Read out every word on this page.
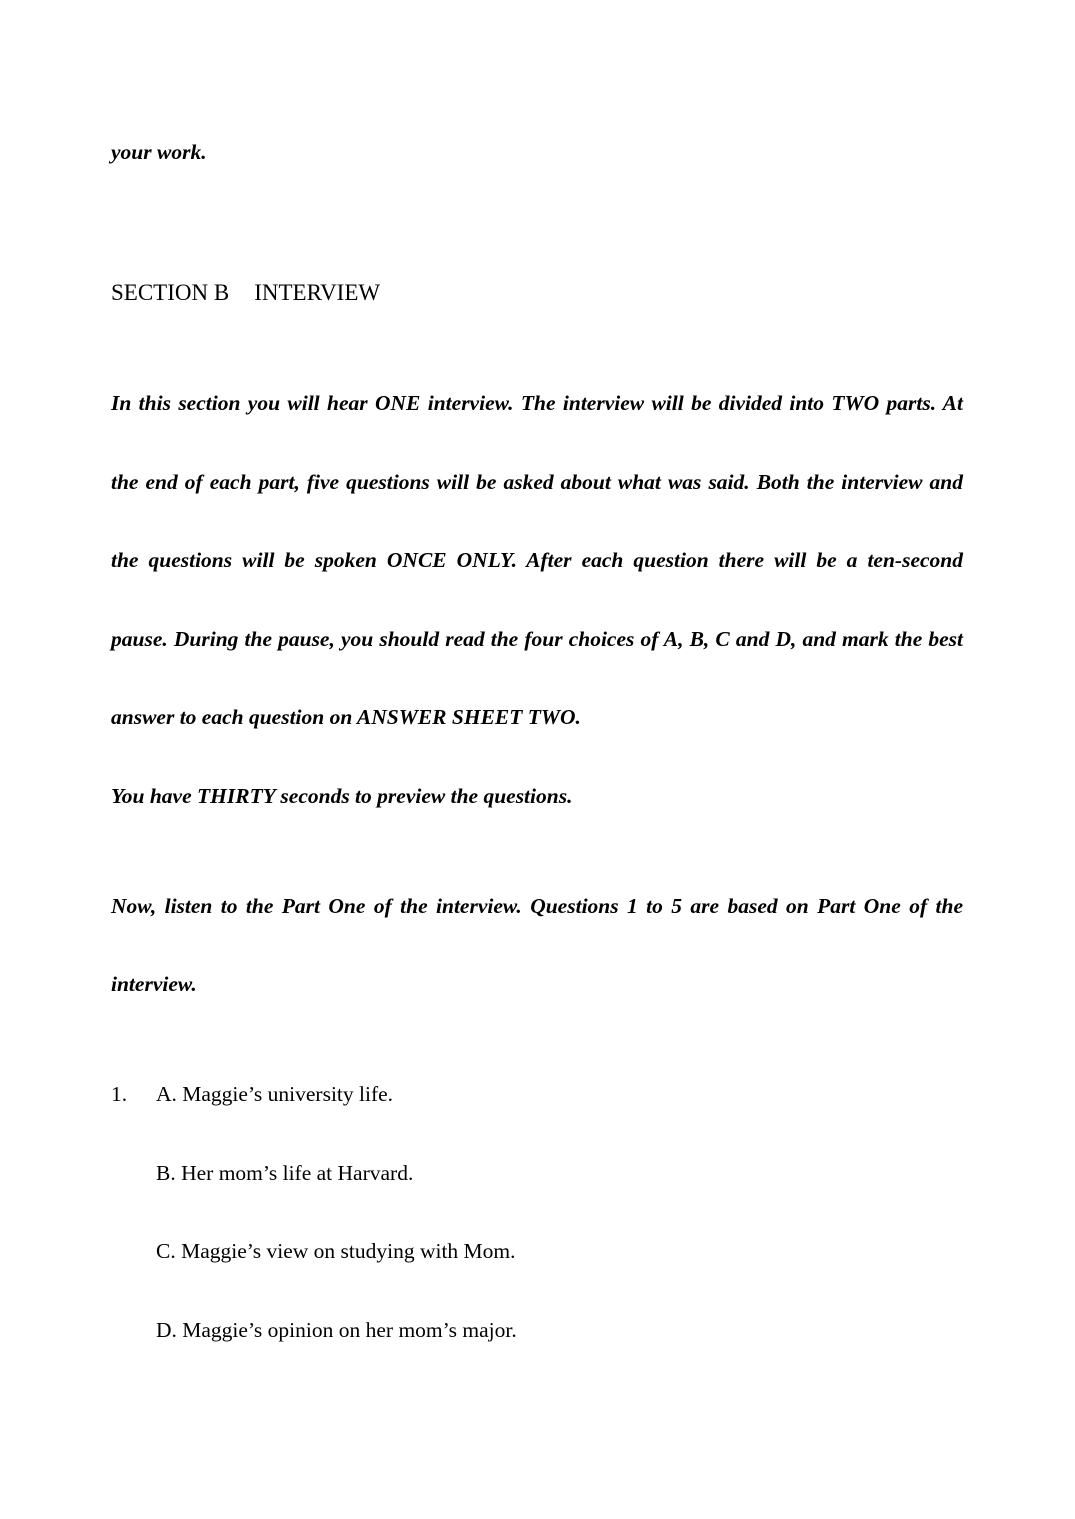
your work.
SECTION B INTERVIEW
In this section you will hear ONE interview. The interview will be divided into TWO parts. At
the end of each part, five questions will be asked about what was said. Both the interview and
the questions will be spoken ONCE ONLY. After each question there will be a ten-second
pause. During the pause, you should read the four choices of A, B, C and D, and mark the best
answer to each question on ANSWER SHEET TWO.
You have THIRTY seconds to preview the questions.
Now, listen to the Part One of the interview. Questions 1 to 5 are based on Part One of the
interview.
1. A. Maggie’s university life.
B. Her mom’s life at Harvard.
C. Maggie’s view on studying with Mom.
D. Maggie’s opinion on her mom’s major.
